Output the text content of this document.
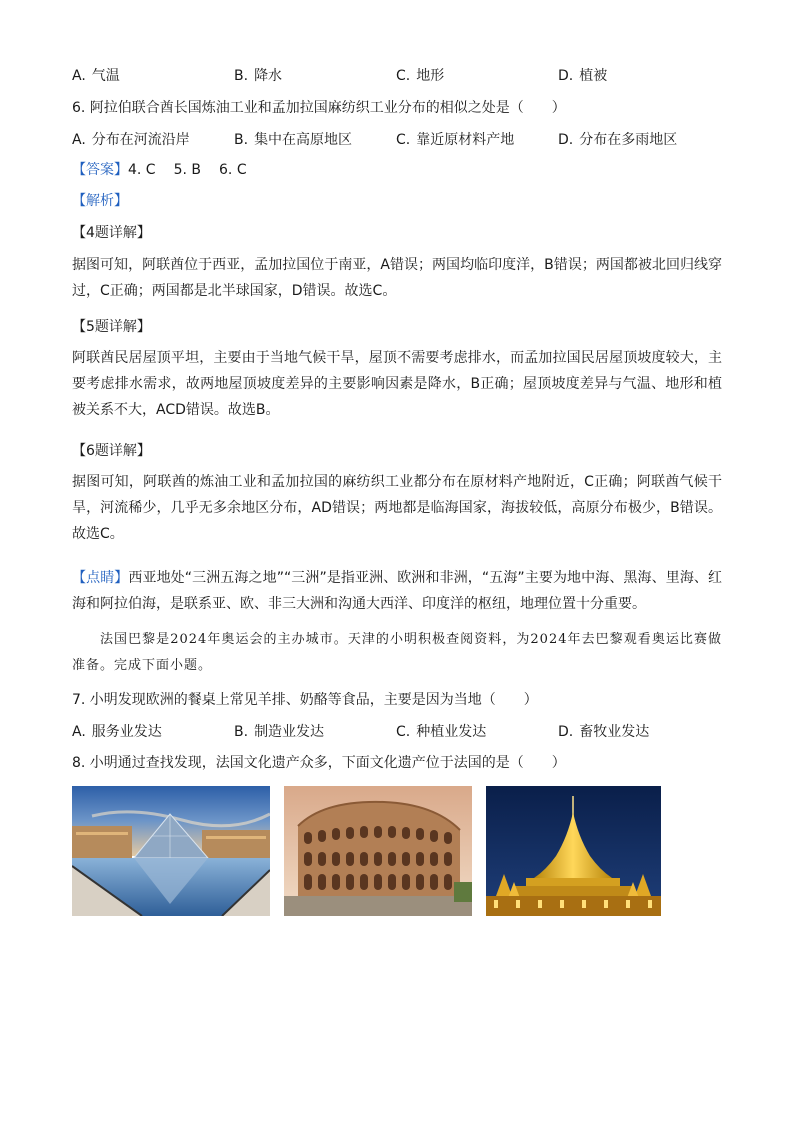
A. 气温	B. 降水	C. 地形	D. 植被
6. 阿拉伯联合酋长国炼油工业和孟加拉国麻纺织工业分布的相似之处是（　　）
A. 分布在河流沿岸	B. 集中在高原地区	C. 靠近原材料产地	D. 分布在多雨地区
【答案】4. C 5. B 6. C
【解析】
【4题详解】
据图可知，阿联酋位于西亚，孟加拉国位于南亚，A错误；两国均临印度洋，B错误；两国都被北回归线穿过，C正确；两国都是北半球国家，D错误。故选C。
【5题详解】
阿联酋民居屋顶平坦，主要由于当地气候干旱，屋顶不需要考虑排水，而孟加拉国民居屋顶坡度较大，主要考虑排水需求，故两地屋顶坡度差异的主要影响因素是降水，B正确；屋顶坡度差异与气温、地形和植被关系不大，ACD错误。故选B。
【6题详解】
据图可知，阿联酋的炼油工业和孟加拉国的麻纺织工业都分布在原材料产地附近，C正确；阿联酋气候干旱，河流稀少，几乎无多余地区分布，AD错误；两地都是临海国家，海拔较低，高原分布极少，B错误。故选C。
【点睛】西亚地处“三洲五海之地”“三洲”是指亚洲、欧洲和非洲，“五海”主要为地中海、黑海、里海、红海和阿拉伯海，是联系亚、欧、非三大洲和沟通大西洋、印度洋的枢纽，地理位置十分重要。
法国巴黎是2024年奥运会的主办城市。天津的小明积极查阅资料，为2024年去巴黎观看奥运比赛做准备。完成下面小题。
7. 小明发现欧洲的餐桌上常见羊排、奶酪等食品，主要是因为当地（　　）
A. 服务业发达	B. 制造业发达	C. 种植业发达	D. 畜牧业发达
8. 小明通过查找发现，法国文化遗产众多，下面文化遗产位于法国的是（　　）
